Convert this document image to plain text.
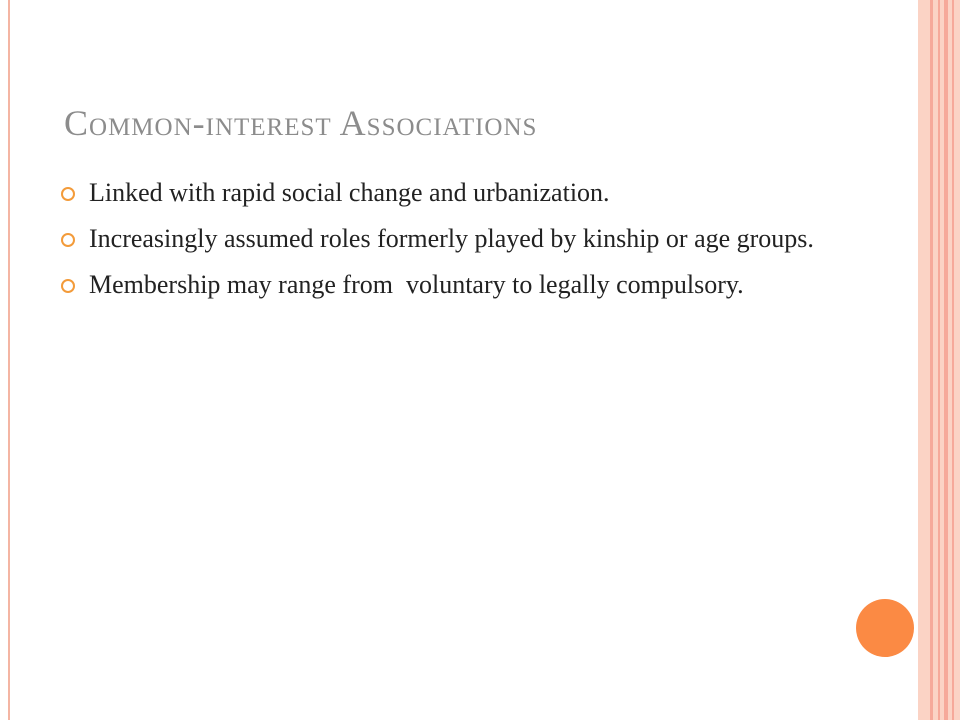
Common-interest Associations
Linked with rapid social change and urbanization.
Increasingly assumed roles formerly played by kinship or age groups.
Membership may range from  voluntary to legally compulsory.
